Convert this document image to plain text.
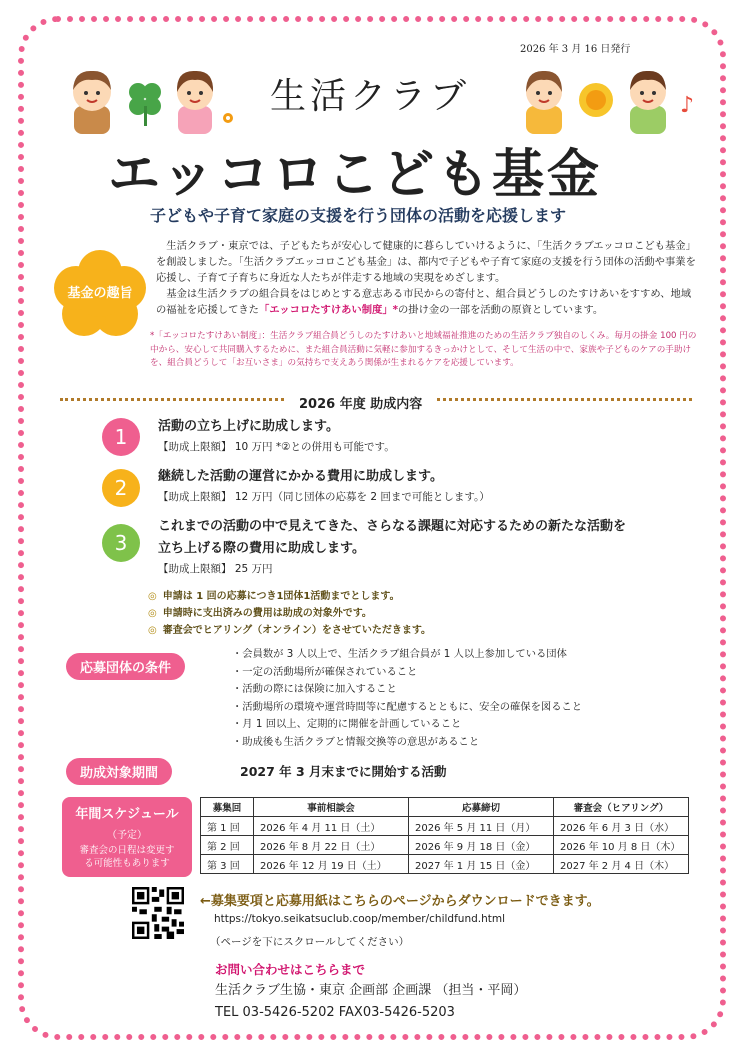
2026 年 3 月 16 日発行
♪
生活クラブ
エッコロこども基金
子どもや子育て家庭の支援を行う団体の活動を応援します
基金の趣旨

生活クラブ・東京では、子どもたちが安心して健康的に暮らしていけるように、「生活クラブエッコロこども基金」を創設しました。「生活クラブエッコロこども基金」は、都内で子どもや子育て家庭の支援を行う団体の活動や事業を応援し、子育て子育ちに身近な人たちが伴走する地域の実現をめざします。

基金は生活クラブの組合員をはじめとする意志ある市民からの寄付と、組合員どうしのたすけあいをすすめ、地域の福祉を応援してきた「エッコロたすけあい制度」*の掛け金の一部を活動の原資としています。

*「エッコロたすけあい制度」：生活クラブ組合員どうしのたすけあいと地域福祉推進のための生活クラブ独自のしくみ。毎月の掛金 100 円の中から、安心して共同購入するために、また組合員活動に気軽に参加するきっかけとして、そして生活の中で、家族や子どものケアの手助けを、組合員どうして「お互いさま」の気持ちで支えあう関係が生まれるケアを応援しています。
2026 年度 助成内容
1	活動の立ち上げに助成します。
【助成上限額】 10 万円 *②との併用も可能です。
2	継続した活動の運営にかかる費用に助成します。
【助成上限額】 12 万円（同じ団体の応募を 2 回まで可能とします。）
3
これまでの活動の中で見えてきた、さらなる課題に対応するための新たな活動を
立ち上げる際の費用に助成します。
【助成上限額】 25 万円
◎ 申請は 1 回の応募につき1団体1活動までとします。
◎ 申請時に支出済みの費用は助成の対象外です。
◎ 審査会でヒアリング（オンライン）をさせていただきます。
応募団体の条件
・会員数が 3 人以上で、生活クラブ組合員が 1 人以上参加している団体
・一定の活動場所が確保されていること
・活動の際には保険に加入すること
・活動場所の環境や運営時間等に配慮するとともに、安全の確保を図ること
・月 1 回以上、定期的に開催を計画していること
・助成後も生活クラブと情報交換等の意思があること
助成対象期間	2027 年 3 月末までに開始する活動
年間スケジュール
（予定）
審査会の日程は変更す
る可能性もあります
募集回	事前相談会	応募締切	審査会（ヒアリング）
第 1 回	2026 年 4 月 11 日（土）	2026 年 5 月 11 日（月）	2026 年 6 月 3 日（水）
第 2 回	2026 年 8 月 22 日（土）	2026 年 9 月 18 日（金）	2026 年 10 月 8 日（木）
第 3 回	2026 年 12 月 19 日（土）	2027 年 1 月 15 日（金）	2027 年 2 月 4 日（木）
←募集要項と応募用紙はこちらのページからダウンロードできます。
https://tokyo.seikatsuclub.coop/member/childfund.html
（ページを下にスクロールしてください）
お問い合わせはこちらまで
生活クラブ生協・東京 企画部 企画課 （担当・平岡）
TEL 03-5426-5202 FAX03-5426-5203
